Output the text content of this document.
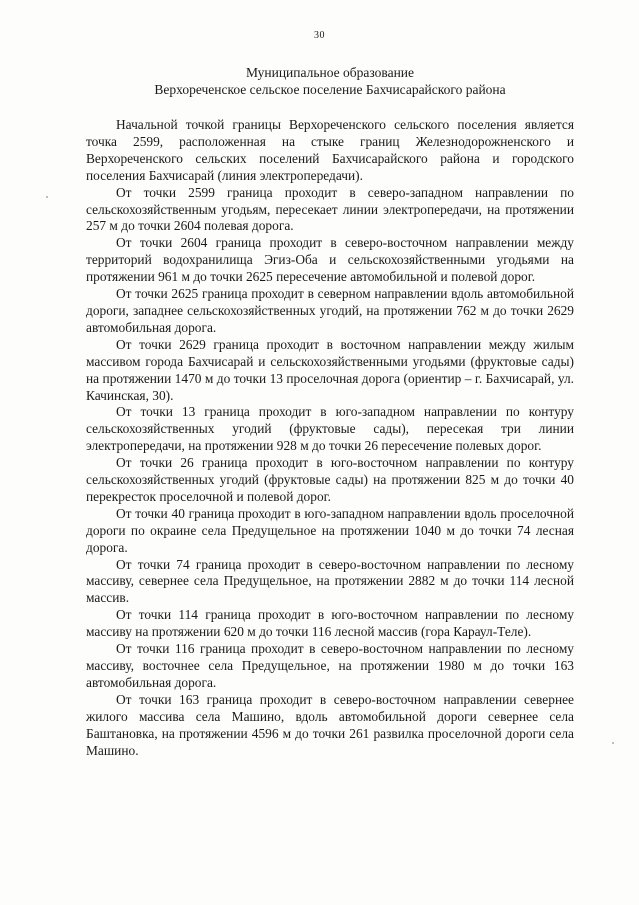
30
Муниципальное образование
Верхореченское сельское поселение Бахчисарайского района

Начальной точкой границы Верхореченского сельского поселения является точка 2599, расположенная на стыке границ Железнодорожненского и Верхореченского сельских поселений Бахчисарайского района и городского поселения Бахчисарай (линия электропередачи).

От точки 2599 граница проходит в северо-западном направлении по сельскохозяйственным угодьям, пересекает линии электропередачи, на протяжении 257 м до точки 2604 полевая дорога.

От точки 2604 граница проходит в северо-восточном направлении между территорий водохранилища Эгиз-Оба и сельскохозяйственными угодьями на протяжении 961 м до точки 2625 пересечение автомобильной и полевой дорог.

От точки 2625 граница проходит в северном направлении вдоль автомобильной дороги, западнее сельскохозяйственных угодий, на протяжении 762 м до точки 2629 автомобильная дорога.

От точки 2629 граница проходит в восточном направлении между жилым массивом города Бахчисарай и сельскохозяйственными угодьями (фруктовые сады) на протяжении 1470 м до точки 13 проселочная дорога (ориентир – г. Бахчисарай, ул. Качинская, 30).

От точки 13 граница проходит в юго-западном направлении по контуру сельскохозяйственных угодий (фруктовые сады), пересекая три линии электропередачи, на протяжении 928 м до точки 26 пересечение полевых дорог.

От точки 26 граница проходит в юго-восточном направлении по контуру сельскохозяйственных угодий (фруктовые сады) на протяжении 825 м до точки 40 перекресток проселочной и полевой дорог.

От точки 40 граница проходит в юго-западном направлении вдоль проселочной дороги по окраине села Предущельное на протяжении 1040 м до точки 74 лесная дорога.

От точки 74 граница проходит в северо-восточном направлении по лесному массиву, севернее села Предущельное, на протяжении 2882 м до точки 114 лесной массив.

От точки 114 граница проходит в юго-восточном направлении по лесному массиву на протяжении 620 м до точки 116 лесной массив (гора Караул-Теле).

От точки 116 граница проходит в северо-восточном направлении по лесному массиву, восточнее села Предущельное, на протяжении 1980 м до точки 163 автомобильная дорога.

От точки 163 граница проходит в северо-восточном направлении севернее жилого массива села Машино, вдоль автомобильной дороги севернее села Баштановка, на протяжении 4596 м до точки 261 развилка проселочной дороги села Машино.
